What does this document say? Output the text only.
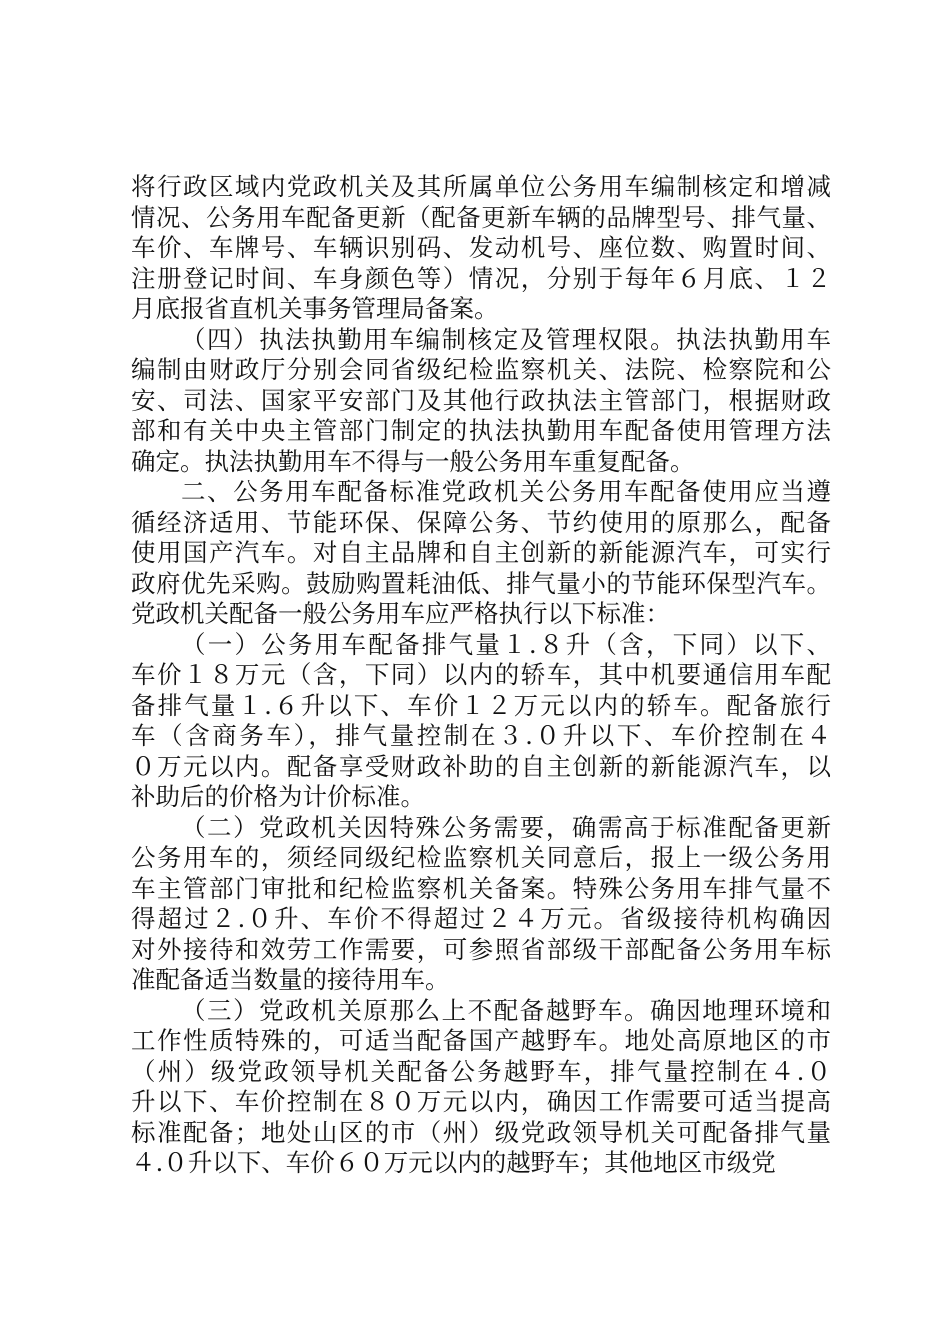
将行政区域内党政机关及其所属单位公务用车编制核定和增减
情况、公务用车配备更新（配备更新车辆的品牌型号、排气量、
车价、车牌号、车辆识别码、发动机号、座位数、购置时间、
注册登记时间、车身颜色等）情况，分别于每年６月底、１２
月底报省直机关事务管理局备案。
（四）执法执勤用车编制核定及管理权限。执法执勤用车
编制由财政厅分别会同省级纪检监察机关、法院、检察院和公
安、司法、国家平安部门及其他行政执法主管部门，根据财政
部和有关中央主管部门制定的执法执勤用车配备使用管理方法
确定。执法执勤用车不得与一般公务用车重复配备。
二、公务用车配备标准党政机关公务用车配备使用应当遵
循经济适用、节能环保、保障公务、节约使用的原那么，配备
使用国产汽车。对自主品牌和自主创新的新能源汽车，可实行
政府优先采购。鼓励购置耗油低、排气量小的节能环保型汽车。
党政机关配备一般公务用车应严格执行以下标准：
（一）公务用车配备排气量１.８升（含，下同）以下、
车价１８万元（含，下同）以内的轿车，其中机要通信用车配
备排气量１.６升以下、车价１２万元以内的轿车。配备旅行
车（含商务车），排气量控制在３.０升以下、车价控制在４
０万元以内。配备享受财政补助的自主创新的新能源汽车，以
补助后的价格为计价标准。
（二）党政机关因特殊公务需要，确需高于标准配备更新
公务用车的，须经同级纪检监察机关同意后，报上一级公务用
车主管部门审批和纪检监察机关备案。特殊公务用车排气量不
得超过２.０升、车价不得超过２４万元。省级接待机构确因
对外接待和效劳工作需要，可参照省部级干部配备公务用车标
准配备适当数量的接待用车。
（三）党政机关原那么上不配备越野车。确因地理环境和
工作性质特殊的，可适当配备国产越野车。地处高原地区的市
（州）级党政领导机关配备公务越野车，排气量控制在４.０
升以下、车价控制在８０万元以内，确因工作需要可适当提高
标准配备；地处山区的市（州）级党政领导机关可配备排气量
４.０升以下、车价６０万元以内的越野车；其他地区市级党
